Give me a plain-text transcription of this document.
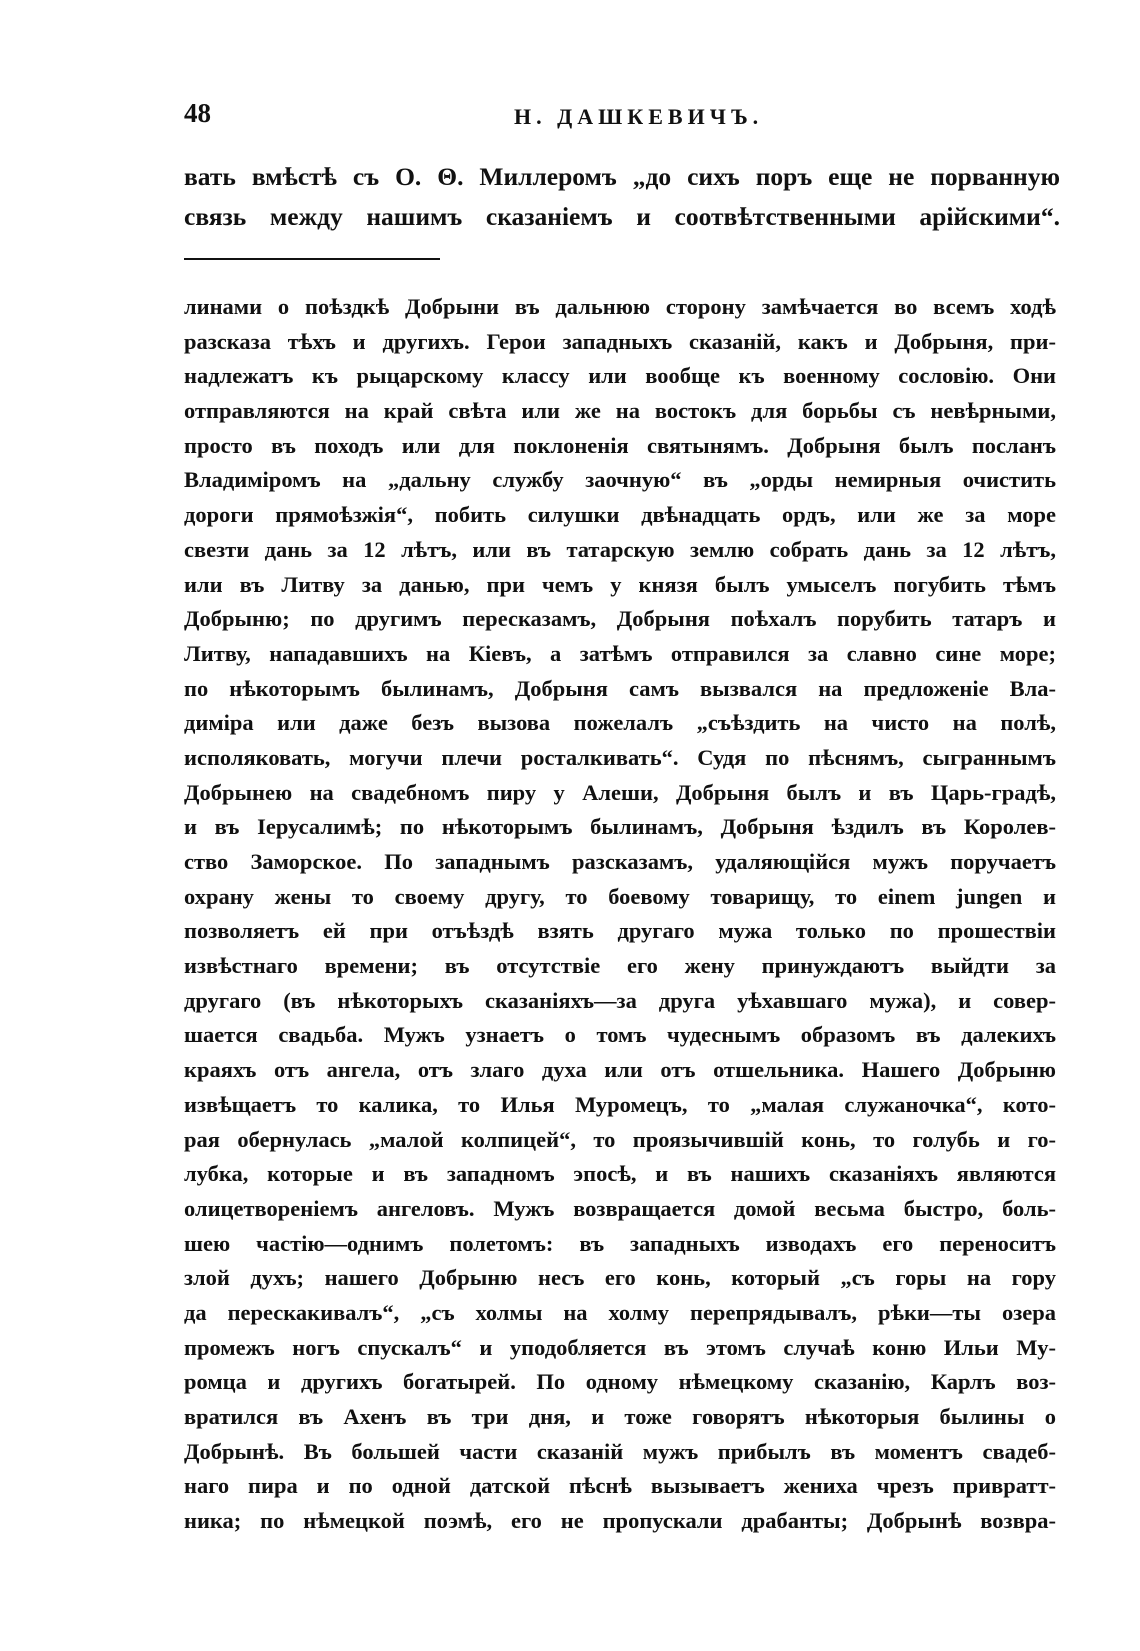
48	Н. ДАШКЕВИЧЪ.
вать вмѣстѣ съ О. Θ. Миллеромъ „до сихъ поръ еще не порванную
связь между нашимъ сказаніемъ и соотвѣтственными арійскими“.
линами о поѣздкѣ Добрыни въ дальнюю сторону замѣчается во всемъ ходѣ
разсказа тѣхъ и другихъ. Герои западныхъ сказаній, какъ и Добрыня, при-
надлежатъ къ рыцарскому классу или вообще къ военному сословію. Они
отправляются на край свѣта или же на востокъ для борьбы съ невѣрными,
просто въ походъ или для поклоненія святынямъ. Добрыня былъ посланъ
Владиміромъ на „дальну службу заочную“ въ „орды немирныя очистить
дороги прямоѣзжія“, побить силушки двѣнадцать ордъ, или же за море
свезти дань за 12 лѣтъ, или въ татарскую землю собрать дань за 12 лѣтъ,
или въ Литву за данью, при чемъ у князя былъ умыселъ погубить тѣмъ
Добрыню; по другимъ пересказамъ, Добрыня поѣхалъ порубить татаръ и
Литву, нападавшихъ на Кіевъ, а затѣмъ отправился за славно сине море;
по нѣкоторымъ былинамъ, Добрыня самъ вызвался на предложеніе Вла-
диміра или даже безъ вызова пожелалъ „съѣздить на чисто на полѣ,
исполяковать, могучи плечи росталкивать“. Судя по пѣснямъ, сыграннымъ
Добрынею на свадебномъ пиру у Алеши, Добрыня былъ и въ Царь-градѣ,
и въ Іерусалимѣ; по нѣкоторымъ былинамъ, Добрыня ѣздилъ въ Королев-
ство Заморское. По западнымъ разсказамъ, удаляющійся мужъ поручаетъ
охрану жены то своему другу, то боевому товарищу, то einem jungen и
позволяетъ ей при отъѣздѣ взять другаго мужа только по прошествіи
извѣстнаго времени; въ отсутствіе его жену принуждаютъ выйдти за
другаго (въ нѣкоторыхъ сказаніяхъ—за друга уѣхавшаго мужа), и совер-
шается свадьба. Мужъ узнаетъ о томъ чудеснымъ образомъ въ далекихъ
краяхъ отъ ангела, отъ злаго духа или отъ отшельника. Нашего Добрыню
извѣщаетъ то калика, то Илья Муромецъ, то „малая служаночка“, кото-
рая обернулась „малой колпицей“, то проязычившій конь, то голубь и го-
лубка, которые и въ западномъ эпосѣ, и въ нашихъ сказаніяхъ являются
олицетвореніемъ ангеловъ. Мужъ возвращается домой весьма быстро, боль-
шею частію—однимъ полетомъ: въ западныхъ изводахъ его переноситъ
злой духъ; нашего Добрыню несъ его конь, который „съ горы на гору
да перескакивалъ“, „съ холмы на холму перепрядывалъ, рѣки—ты озера
промежъ ногъ спускалъ“ и уподобляется въ этомъ случаѣ коню Ильи Му-
ромца и другихъ богатырей. По одному нѣмецкому сказанію, Карлъ воз-
вратился въ Ахенъ въ три дня, и тоже говорятъ нѣкоторыя былины о
Добрынѣ. Въ большей части сказаній мужъ прибылъ въ моментъ свадеб-
наго пира и по одной датской пѣснѣ вызываетъ жениха чрезъ привратт-
ника; по нѣмецкой поэмѣ, его не пропускали драбанты; Добрынѣ возвра-
